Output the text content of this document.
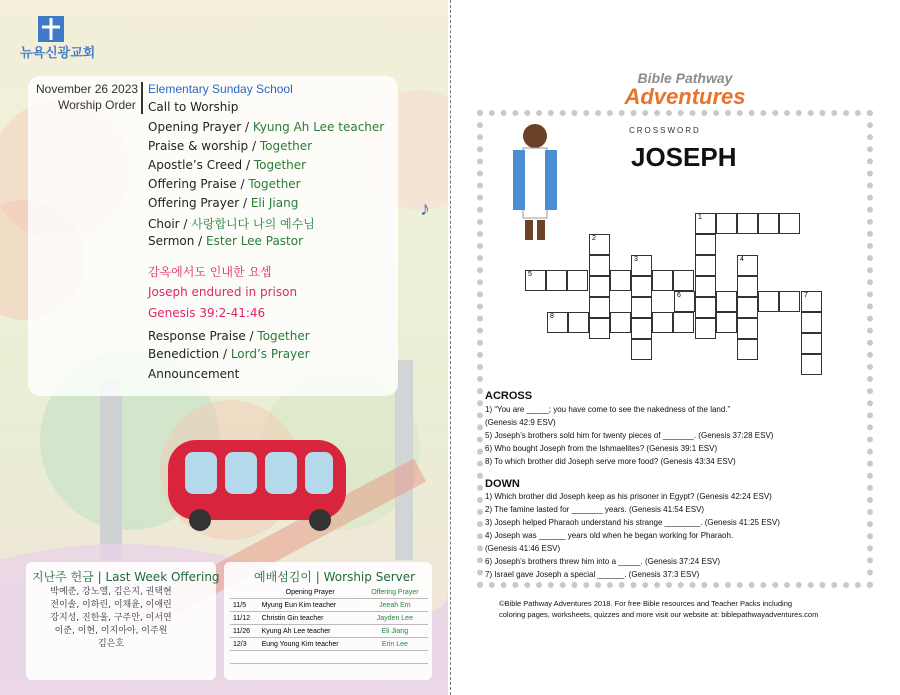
뉴욕신광교회
November 26 2023
Worship Order
Elementary Sunday School
Call to Worship
Opening Prayer / Kyung Ah Lee teacher
Praise & worship / Together
Apostle’s Creed / Together
Offering Praise / Together
Offering Prayer / Eli Jiang
Choir / 사랑합니다 나의 예수님
Sermon / Ester Lee Pastor
감옥에서도 인내한 요셉
Joseph endured in prison
Genesis 39:2-41:46
Response Praise / Together
Benediction / Lord’s Prayer
Announcement
♪
지난주 헌금 | Last Week Offering
박예준, 강노엘, 김은지, 권택현
전이솔, 이하린, 이채윤, 이애린
강지성, 진한울, 구주안, 이서연
이준, 이현, 이지아아, 이주원
김은호
예배섬김이 | Worship Server
	Opening Prayer	Offering Prayer
11/5	Myung Eun Kim teacher	Jeeah Em
11/12	Christin Gin teacher	Jayden Lee
11/26	Kyung Ah Lee teacher	Eli Jiang
12/3	Eung Young Kim teacher	Erin Lee

Bible Pathway
Adventures
CROSSWORD
JOSEPH
1
2
3	4
5
6	7
8
ACROSS
1) “You are _____; you have come to see the nakedness of the land.”
(Genesis 42:9 ESV)
5) Joseph’s brothers sold him for twenty pieces of _______. (Genesis 37:28 ESV)
6) Who bought Joseph from the Ishmaelites? (Genesis 39:1 ESV)
8) To which brother did Joseph serve more food? (Genesis 43:34 ESV)
DOWN
1) Which brother did Joseph keep as his prisoner in Egypt? (Genesis 42:24 ESV)
2) The famine lasted for _______ years. (Genesis 41:54 ESV)
3) Joseph helped Pharaoh understand his strange ________. (Genesis 41:25 ESV)
4) Joseph was ______ years old when he began working for Pharaoh.
(Genesis 41:46 ESV)
6) Joseph’s brothers threw him into a _____. (Genesis 37:24 ESV)
7) Israel gave Joseph a special ______. (Genesis 37:3 ESV)
©Bible Pathway Adventures 2018. For free Bible resources and Teacher Packs including
coloring pages, worksheets, quizzes and more visit our website at: biblepathwayadventures.com
